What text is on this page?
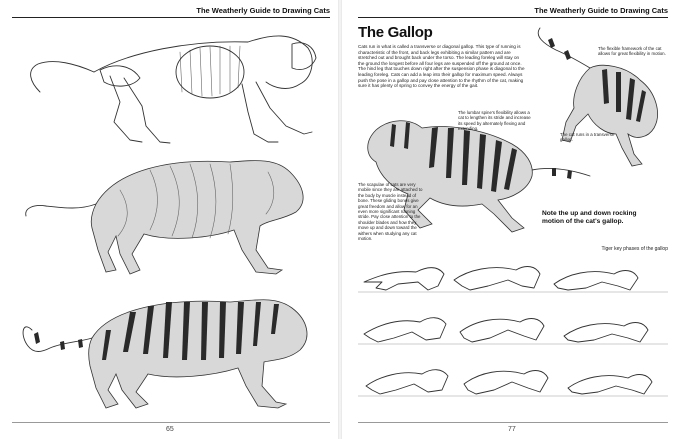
The Weatherly Guide to Drawing Cats
65
The Weatherly Guide to Drawing Cats
The Gallop
Cats run in what is called a transverse or diagonal gallop. This type of running is characteristic of the front, and back legs exhibiting a similar pattern and are stretched out and brought back under the torso. The leading foreleg will stay on the ground the longest before all four legs are suspended off the ground at once. The hind leg that touches down right after the suspension phase is diagonal to the leading foreleg. Cats can add a leap into their gallop for maximum speed. Always push the pose in a gallop and pay close attention to the rhythm of the cat, making sure it has plenty of spring to convey the energy of the gait.
The flexible framework of the cat allows for great flexibility in motion.
The lumbar spine's flexibility allows a cat to lengthen its stride and increase its speed by alternately flexing and extending.
The cat runs in a transverse gallop.
The scapulae of cats are very mobile since they are attached to the body by muscle instead of bone. These gliding bones give great freedom and allow for an even more significant running stride. Pay close attention to the shoulder blades and how they move up and down toward the withers when studying any cat motion.
Note the up and down rocking motion of the cat's gallop.
Tiger key phases of the gallop
77
